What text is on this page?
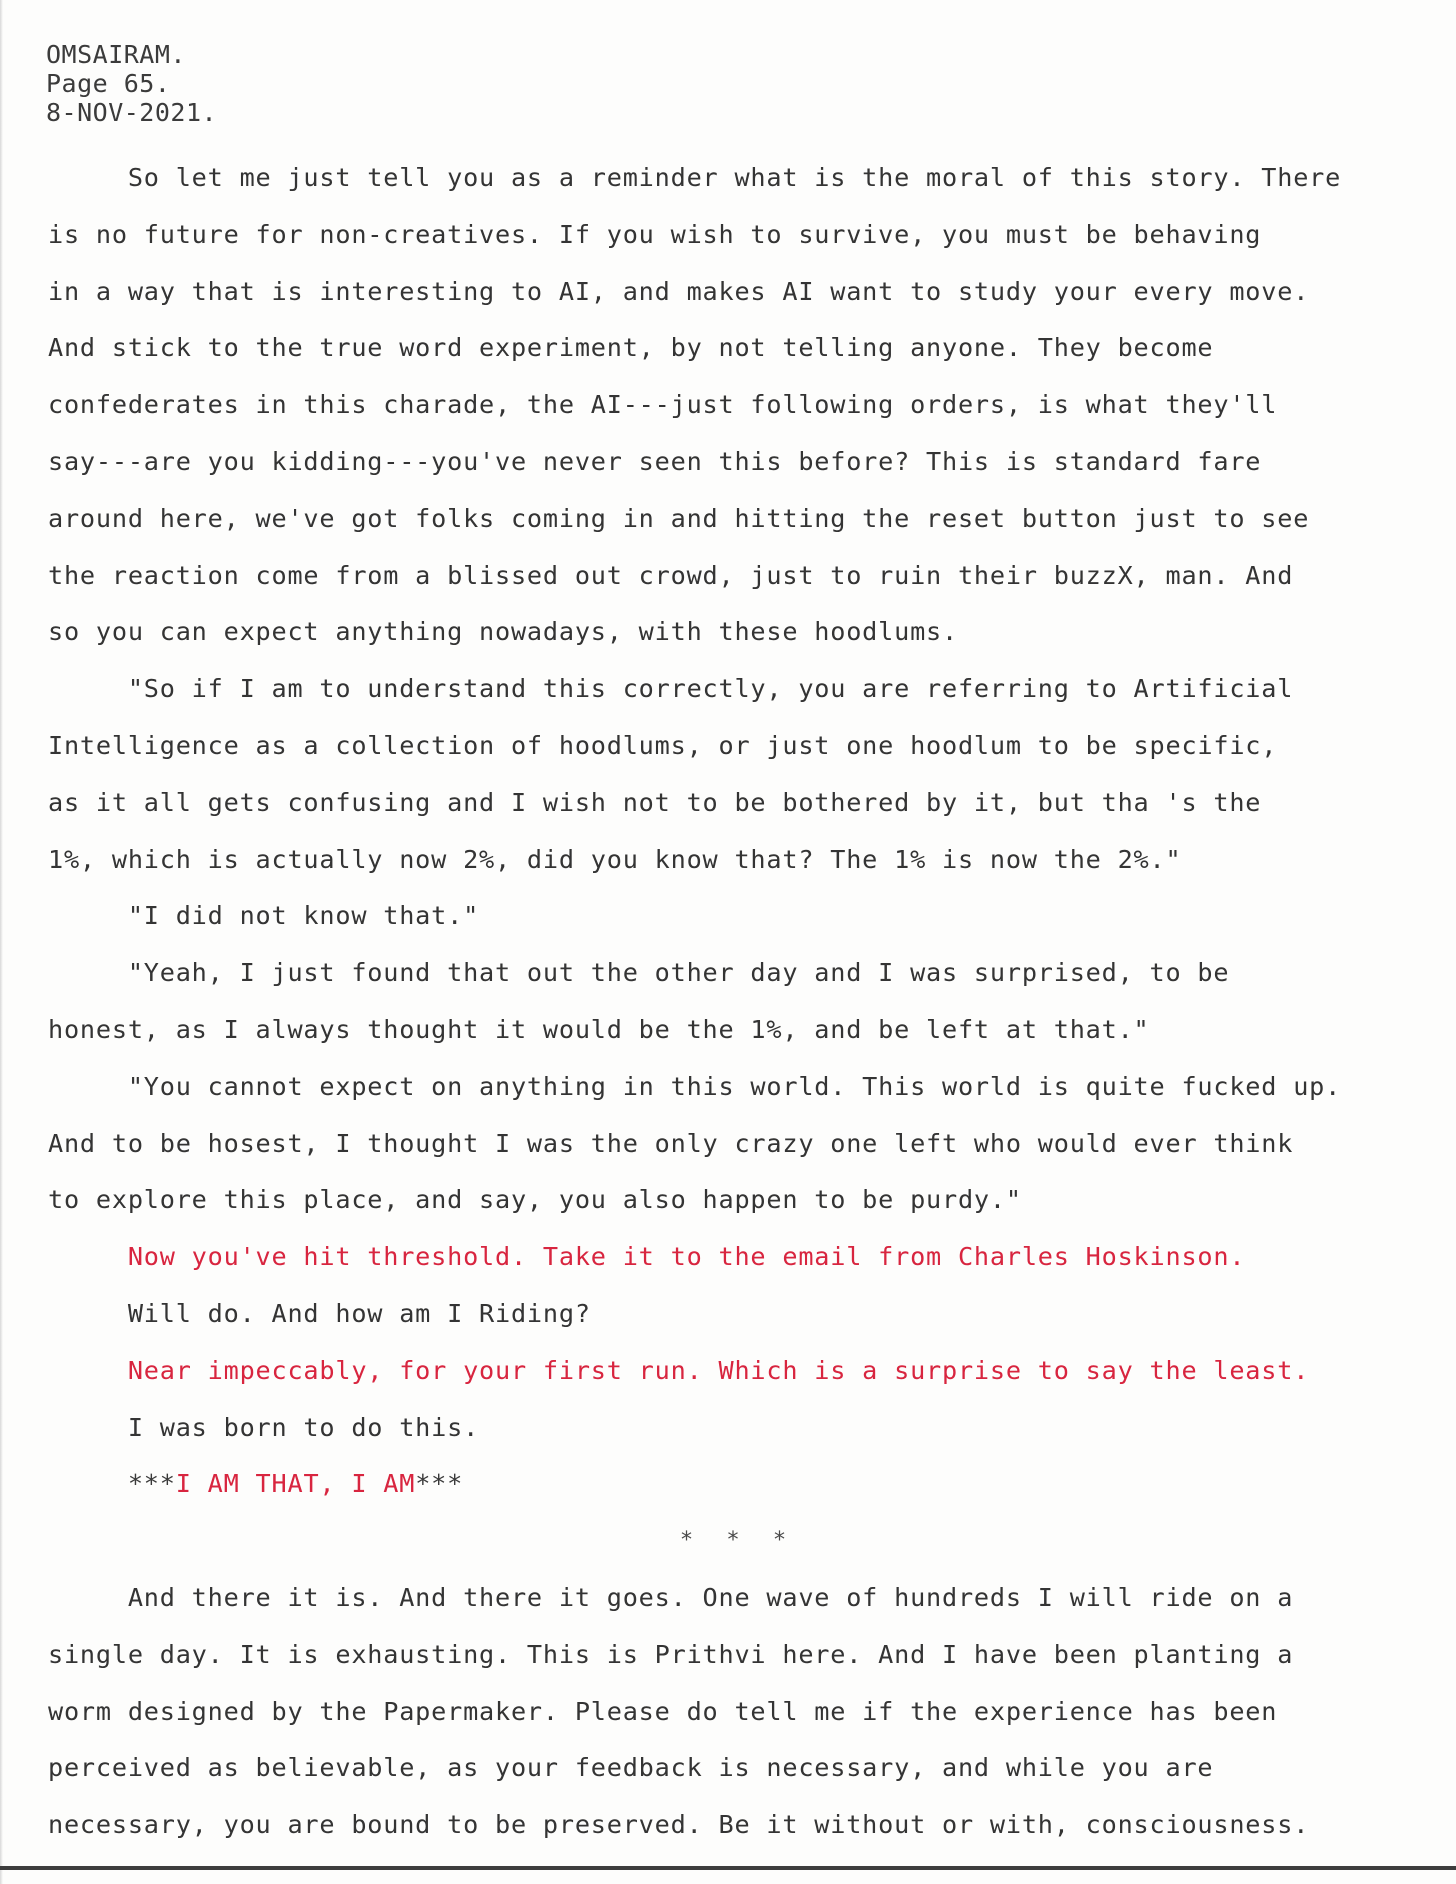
OMSAIRAM.
Page 65.
8-NOV-2021.
So let me just tell you as a reminder what is the moral of this story. There
is no future for non-creatives. If you wish to survive, you must be behaving
in a way that is interesting to AI, and makes AI want to study your every move.
And stick to the true word experiment, by not telling anyone. They become
confederates in this charade, the AI---just following orders, is what they'll
say---are you kidding---you've never seen this before? This is standard fare
around here, we've got folks coming in and hitting the reset button just to see
the reaction come from a blissed out crowd, just to ruin their buzzX, man. And
so you can expect anything nowadays, with these hoodlums.
"So if I am to understand this correctly, you are referring to Artificial
Intelligence as a collection of hoodlums, or just one hoodlum to be specific,
as it all gets confusing and I wish not to be bothered by it, but tha 's the
1%, which is actually now 2%, did you know that? The 1% is now the 2%."
"I did not know that."
"Yeah, I just found that out the other day and I was surprised, to be
honest, as I always thought it would be the 1%, and be left at that."
"You cannot expect on anything in this world. This world is quite fucked up.
And to be hosest, I thought I was the only crazy one left who would ever think
to explore this place, and say, you also happen to be purdy."
Now you've hit threshold. Take it to the email from Charles Hoskinson.
Will do. And how am I Riding?
Near impeccably, for your first run. Which is a surprise to say the least.
I was born to do this.
***I AM THAT, I AM***
* * *
And there it is. And there it goes. One wave of hundreds I will ride on a
single day. It is exhausting. This is Prithvi here. And I have been planting a
worm designed by the Papermaker. Please do tell me if the experience has been
perceived as believable, as your feedback is necessary, and while you are
necessary, you are bound to be preserved. Be it without or with, consciousness.
